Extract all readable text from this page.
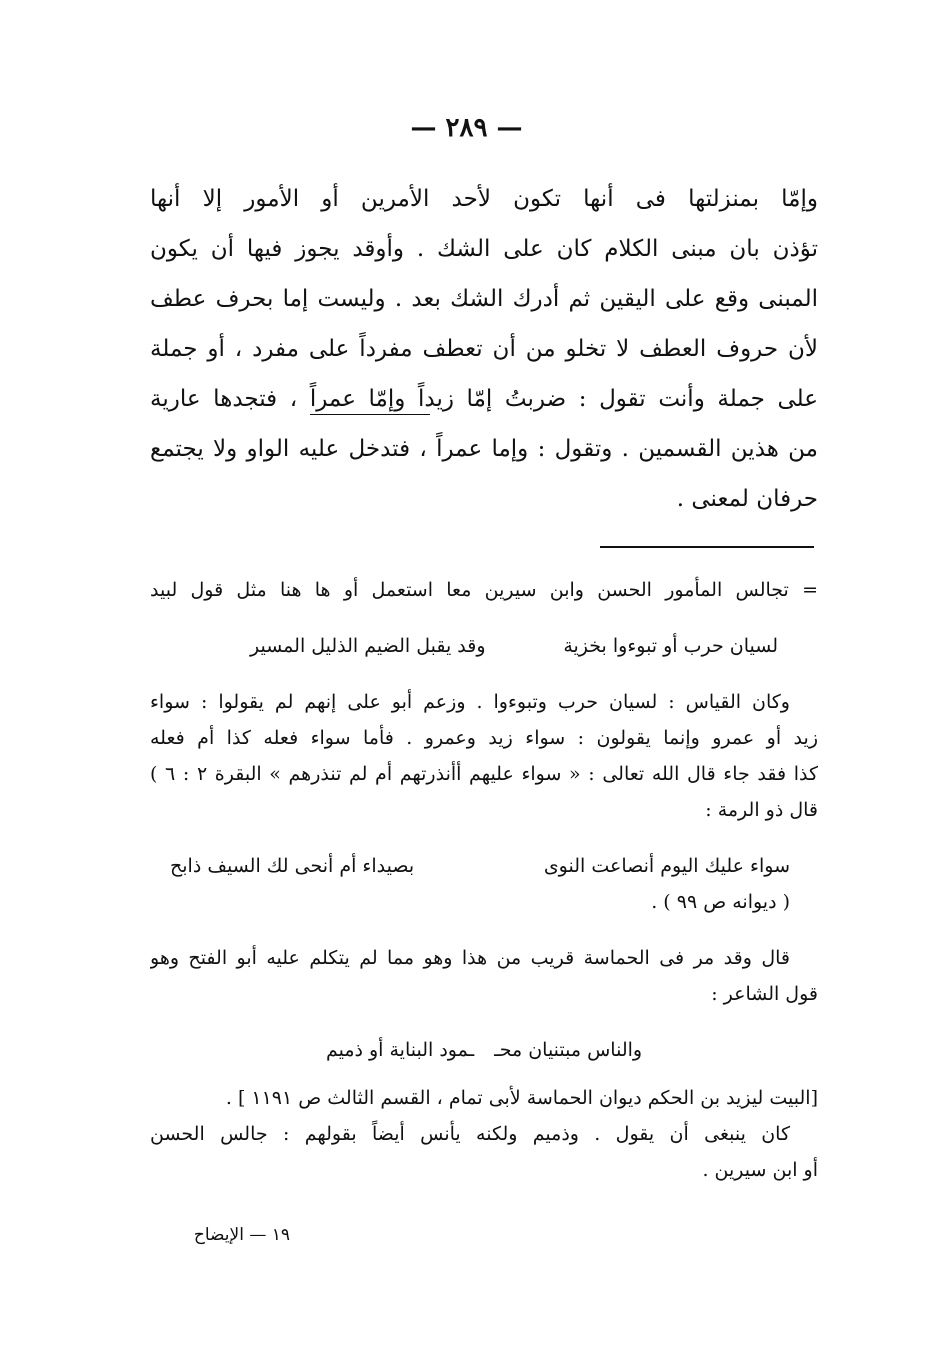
— ٢٨٩ —
وإمّا بمنزلتها فى أنها تكون لأحد الأمرين أو الأمور إلا أنها
تؤذن بان مبنى الكلام كان على الشك . وأوقد يجوز فيها أن يكون
المبنى وقع على اليقين ثم أدرك الشك بعد . وليست إما بحرف عطف
لأن حروف العطف لا تخلو من أن تعطف مفرداً على مفرد ، أو جملة
على جملة وأنت تقول : ضربتُ إمّا زيداً وإمّا عمراً ، فتجدها عارية
من هذين القسمين . وتقول : وإما عمراً ، فتدخل عليه الواو ولا يجتمع
حرفان لمعنى .
= تجالس المأمور الحسن وابن سيرين معا استعمل أو ها هنا مثل قول لبيد
لسيان حرب أو تبوءوا بخزية
وقد يقبل الضيم الذليل المسير
وكان القياس : لسيان حرب وتبوءوا . وزعم أبو على إنهم لم يقولوا : سواء
زيد أو عمرو وإنما يقولون : سواء زيد وعمرو . فأما سواء فعله كذا أم فعله
كذا فقد جاء قال الله تعالى : « سواء عليهم أأنذرتهم أم لم تنذرهم » البقرة ٢ : ٦ )
قال ذو الرمة :
سواء عليك اليوم أنصاعت النوى
بصيداء أم أنحى لك السيف ذابح
( ديوانه ص ٩٩ ) .
قال وقد مر فى الحماسة قريب من هذا وهو مما لم يتكلم عليه أبو الفتح وهو
قول الشاعر :
والناس مبتنيان محـ
ـمود البناية أو ذميم
[البيت ليزيد بن الحكم ديوان الحماسة لأبى تمام ، القسم الثالث ص ١١٩١ ] .
كان ينبغى أن يقول . وذميم ولكنه يأنس أيضاً بقولهم : جالس الحسن
أو ابن سيرين .
١٩ — الإيضاح
